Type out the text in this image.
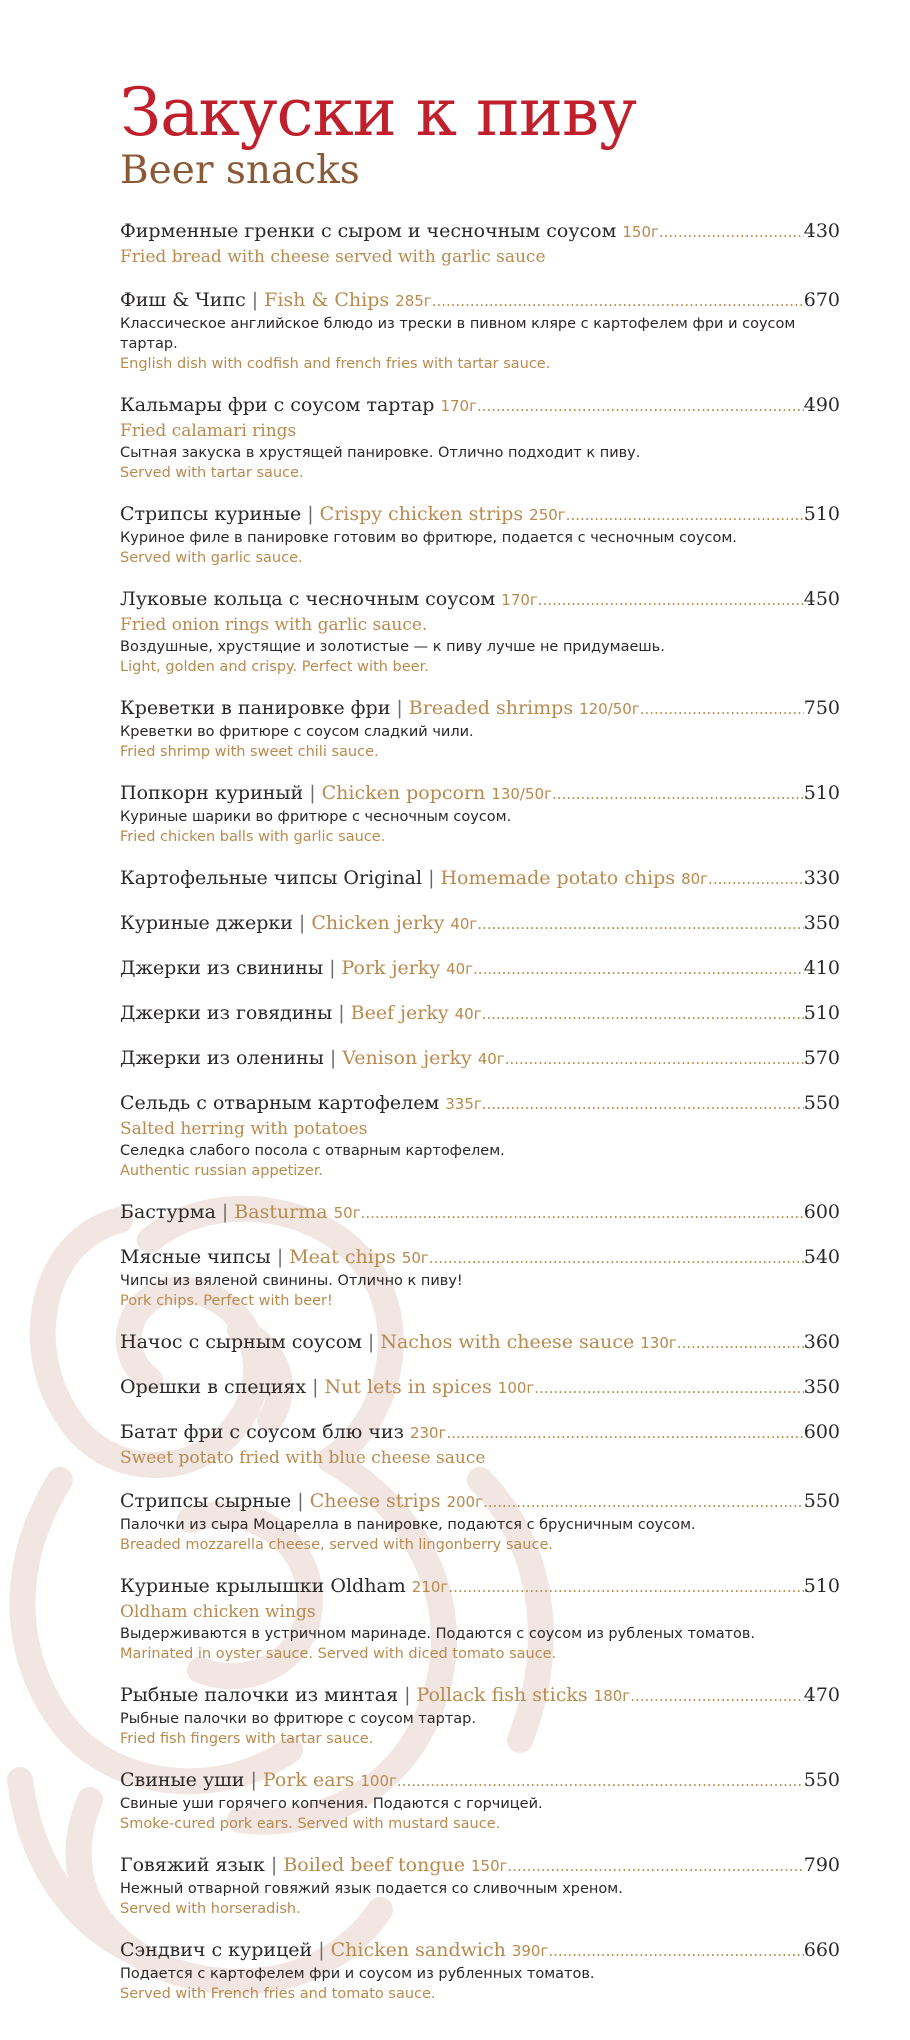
Закуски к пиву
Beer snacks
Фирменные гренки с сыром и чесночным соусом 150г .....	430
Fried bread with cheese served with garlic sauce
Фиш & Чипс | Fish & Chips 285г .....	670
Классическое английское блюдо из трески в пивном кляре с картофелем фри и соусом тартар.
English dish with codfish and french fries with tartar sauce.
Кальмары фри с соусом тартар 170г .....	490
Fried calamari rings
Сытная закуска в хрустящей панировке. Отлично подходит к пиву.
Served with tartar sauce.
Стрипсы куриные | Crispy chicken strips 250г .....	510
Куриное филе в панировке готовим во фритюре, подается с чесночным соусом.
Served with garlic sauce.
Луковые кольца с чесночным соусом 170г .....	450
Fried onion rings with garlic sauce.
Воздушные, хрустящие и золотистые — к пиву лучше не придумаешь.
Light, golden and crispy. Perfect with beer.
Креветки в панировке фри | Breaded shrimps 120/50г .....	750
Креветки во фритюре с соусом сладкий чили.
Fried shrimp with sweet chili sauce.
Попкорн куриный | Chicken popcorn 130/50г .....	510
Куриные шарики во фритюре с чесночным соусом.
Fried chicken balls with garlic sauce.
Картофельные чипсы Original | Homemade potato chips 80г .....	330
Куриные джерки | Chicken jerky 40г .....	350
Джерки из свинины | Pork jerky 40г .....	410
Джерки из говядины | Beef jerky 40г .....	510
Джерки из оленины | Venison jerky 40г .....	570
Сельдь с отварным картофелем 335г .....	550
Salted herring with potatoes
Селедка слабого посола с отварным картофелем.
Authentic russian appetizer.
Бастурма | Basturma 50г .....	600
Мясные чипсы | Meat chips 50г .....	540
Чипсы из вяленой свинины. Отлично к пиву!
Pork chips. Perfect with beer!
Начос с сырным соусом | Nachos with cheese sauce 130г .....	360
Орешки в специях | Nut lets in spices 100г .....	350
Батат фри с соусом блю чиз 230г .....	600
Sweet potato fried with blue cheese sauce
Стрипсы сырные | Cheese strips 200г .....	550
Палочки из сыра Моцарелла в панировке, подаются с брусничным соусом.
Breaded mozzarella cheese, served with lingonberry sauce.
Куриные крылышки Oldham 210г .....	510
Oldham chicken wings
Выдерживаются в устричном маринаде. Подаются с соусом из рубленых томатов.
Marinated in oyster sauce. Served with diced tomato sauce.
Рыбные палочки из минтая | Pollack fish sticks 180г .....	470
Рыбные палочки во фритюре с соусом тартар.
Fried fish fingers with tartar sauce.
Свиные уши | Pork ears 100г .....	550
Свиные уши горячего копчения. Подаются с горчицей.
Smoke-cured pork ears. Served with mustard sauce.
Говяжий язык | Boiled beef tongue 150г .....	790
Нежный отварной говяжий язык подается со сливочным хреном.
Served with horseradish.
Сэндвич с курицей | Chicken sandwich 390г .....	660
Подается с картофелем фри и соусом из рубленных томатов.
Served with French fries and tomato sauce.
